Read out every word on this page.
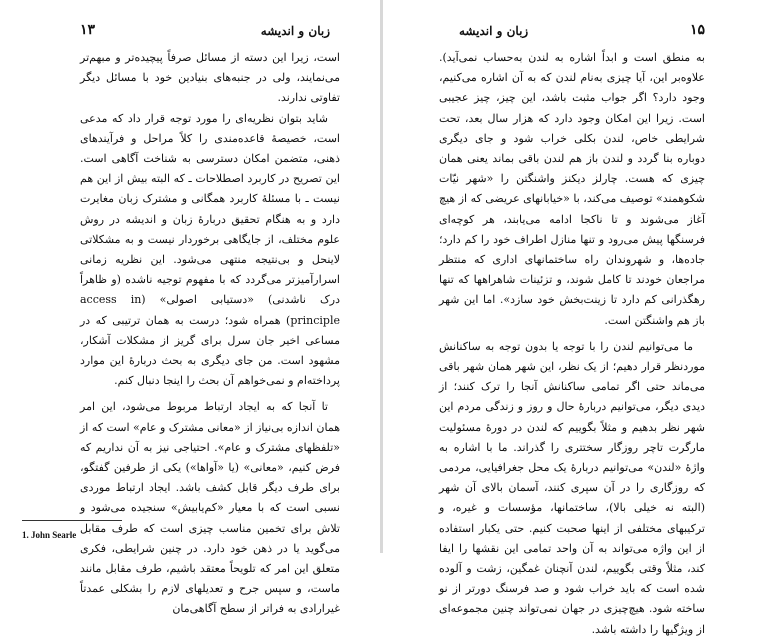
۱۳	زبان و اندیشه

است، زیرا این دسته از مسائل صرفاً پیچیده‌تر و مبهم‌تر می‌نمایند، ولی در جنبه‌های بنیادین خود با مسائل دیگر تفاوتی ندارند.

شاید بتوان نظریه‌ای را مورد توجه قرار داد که مدعی است، خصیصهٔ قاعده‌مندی را کلاً مراحل و فرآیندهای ذهنی، متضمن امکان دسترسی به شناخت آگاهی است. این تصریح در کاربرد اصطلاحات ـ که البته بیش از این هم نیست ـ با مسئلهٔ کاربرد همگانی و مشترک زبان مغایرت دارد و به هنگام تحقیق دربارهٔ زبان و اندیشه در روش علوم مختلف، از جایگاهی برخوردار نیست و به مشکلاتی لاینحل و بی‌نتیجه منتهی می‌شود. این نظریه زمانی اسرارآمیزتر می‌گردد که با مفهوم توجیه ناشده (و ظاهراً درک ناشدنی) «دستیابی اصولی» (access in principle) همراه شود؛ درست به همان ترتیبی که در مساعی اخیر جان سرل برای گریز از مشکلات آشکار، مشهود است. من جای دیگری به بحث دربارهٔ این موارد پرداخته‌ام و نمی‌خواهم آن بحث را اینجا دنبال کنم.

تا آنجا که به ایجاد ارتباط مربوط می‌شود، این امر همان اندازه بی‌نیاز از «معانی مشترک و عام» است که از «تلفظهای مشترک و عام». احتیاجی نیز به آن نداریم که فرض کنیم، «معانی» (یا «آواها») یکی از طرفین گفتگو، برای طرف دیگر قابل کشف باشد. ایجاد ارتباط موردی نسبی است که با معیار «کم‌یابیش» سنجیده می‌شود و تلاش برای تخمین مناسب چیزی است که طرف مقابل می‌گوید یا در ذهن خود دارد. در چنین شرایطی، فکری متعلق این امر که تلویحاً معتقد باشیم، طرف مقابل مانند ماست، و سپس جرح و تعدیلهای لازم را بشکلی عمدتاً غیرارادی به فراتر از سطح آگاهی‌مان

1. John Searle
۱۵
زبان و اندیشه

به منطق است و ابداً اشاره به لندن به‌حساب نمی‌آید). علاوه‌بر این، آیا چیزی به‌نام لندن که به آن اشاره می‌کنیم، وجود دارد؟ اگر جواب مثبت باشد، این چیز، چیز عجیبی است. زیرا این امکان وجود دارد که هزار سال بعد، تحت شرایطی خاص، لندن بکلی خراب شود و جای دیگری دوباره بنا گردد و لندن باز هم لندن باقی بماند یعنی همان چیزی که هست. چارلز دیکنز واشنگتن را «شهر نیّات شکوهمند» توصیف می‌کند، با «خیابانهای عریضی که از هیچ آغاز می‌شوند و تا ناکجا ادامه می‌یابند، هر کوچه‌ای فرسنگها پیش می‌رود و تنها منازل اطراف خود را کم دارد؛ جاده‌ها، و شهروندان راه ساختمانهای اداری که منتظر مراجعان خودند تا کامل شوند، و تزئینات شاهراهها که تنها رهگذرانی کم دارد تا زینت‌بخش خود سازد». اما این شهر باز هم واشنگتن است.

ما می‌توانیم لندن را با توجه یا بدون توجه به ساکنانش موردنظر قرار دهیم؛ از یک نظر، این شهر همان شهر باقی می‌ماند حتی اگر تمامی ساکنانش آنجا را ترک کنند؛ از دیدی دیگر، می‌توانیم دربارهٔ حال و روز و زندگی مردم این شهر نظر بدهیم و مثلاً بگوییم که لندن در دورهٔ مسئولیت مارگرت تاچر روزگار سختتری را گذراند. ما با اشاره به واژهٔ «لندن» می‌توانیم دربارهٔ یک محل جغرافیایی، مردمی که روزگاری را در آن سپری کنند، آسمان بالای آن شهر (البته نه خیلی بالا)، ساختمانها، مؤسسات و غیره، و ترکیبهای مختلفی از اینها صحبت کنیم. حتی یکبار استفاده از این واژه می‌تواند به آن واحد تمامی این نقشها را ایفا کند، مثلاً وقتی بگوییم، لندن آنچنان غمگین، زشت و آلوده شده است که باید خراب شود و صد فرسنگ دورتر از نو ساخته شود. هیچ‌چیزی در جهان نمی‌تواند چنین مجموعه‌ای از ویژگیها را داشته باشد.
